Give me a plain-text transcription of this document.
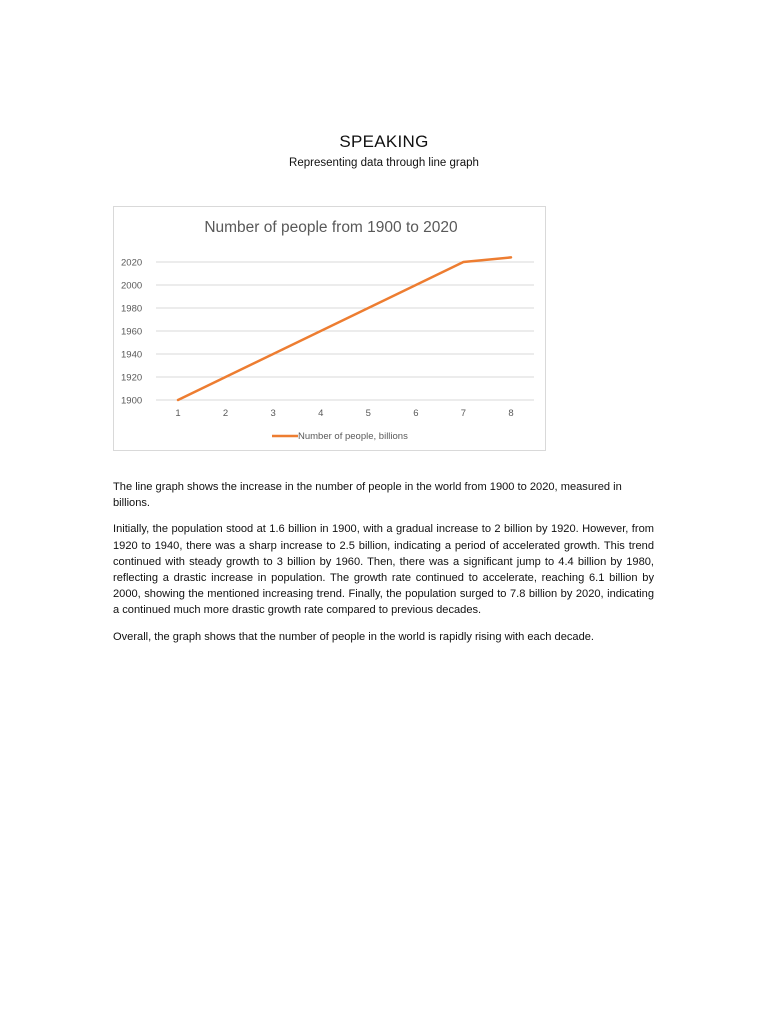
SPEAKING
Representing data through line graph
Number of people from 1900 to 2020
1900
1920
1940
1960
1980
2000
2020
1	2	3	4	5	6	7	8
Number of people, billions

The line graph shows the increase in the number of people in the world from 1900 to 2020, measured in billions.

Initially, the population stood at 1.6 billion in 1900, with a gradual increase to 2 billion by 1920. However, from 1920 to 1940, there was a sharp increase to 2.5 billion, indicating a period of accelerated growth. This trend continued with steady growth to 3 billion by 1960. Then, there was a significant jump to 4.4 billion by 1980, reflecting a drastic increase in population. The growth rate continued to accelerate, reaching 6.1 billion by 2000, showing the mentioned increasing trend. Finally, the population surged to 7.8 billion by 2020, indicating a continued much more drastic growth rate compared to previous decades.

Overall, the graph shows that the number of people in the world is rapidly rising with each decade.
